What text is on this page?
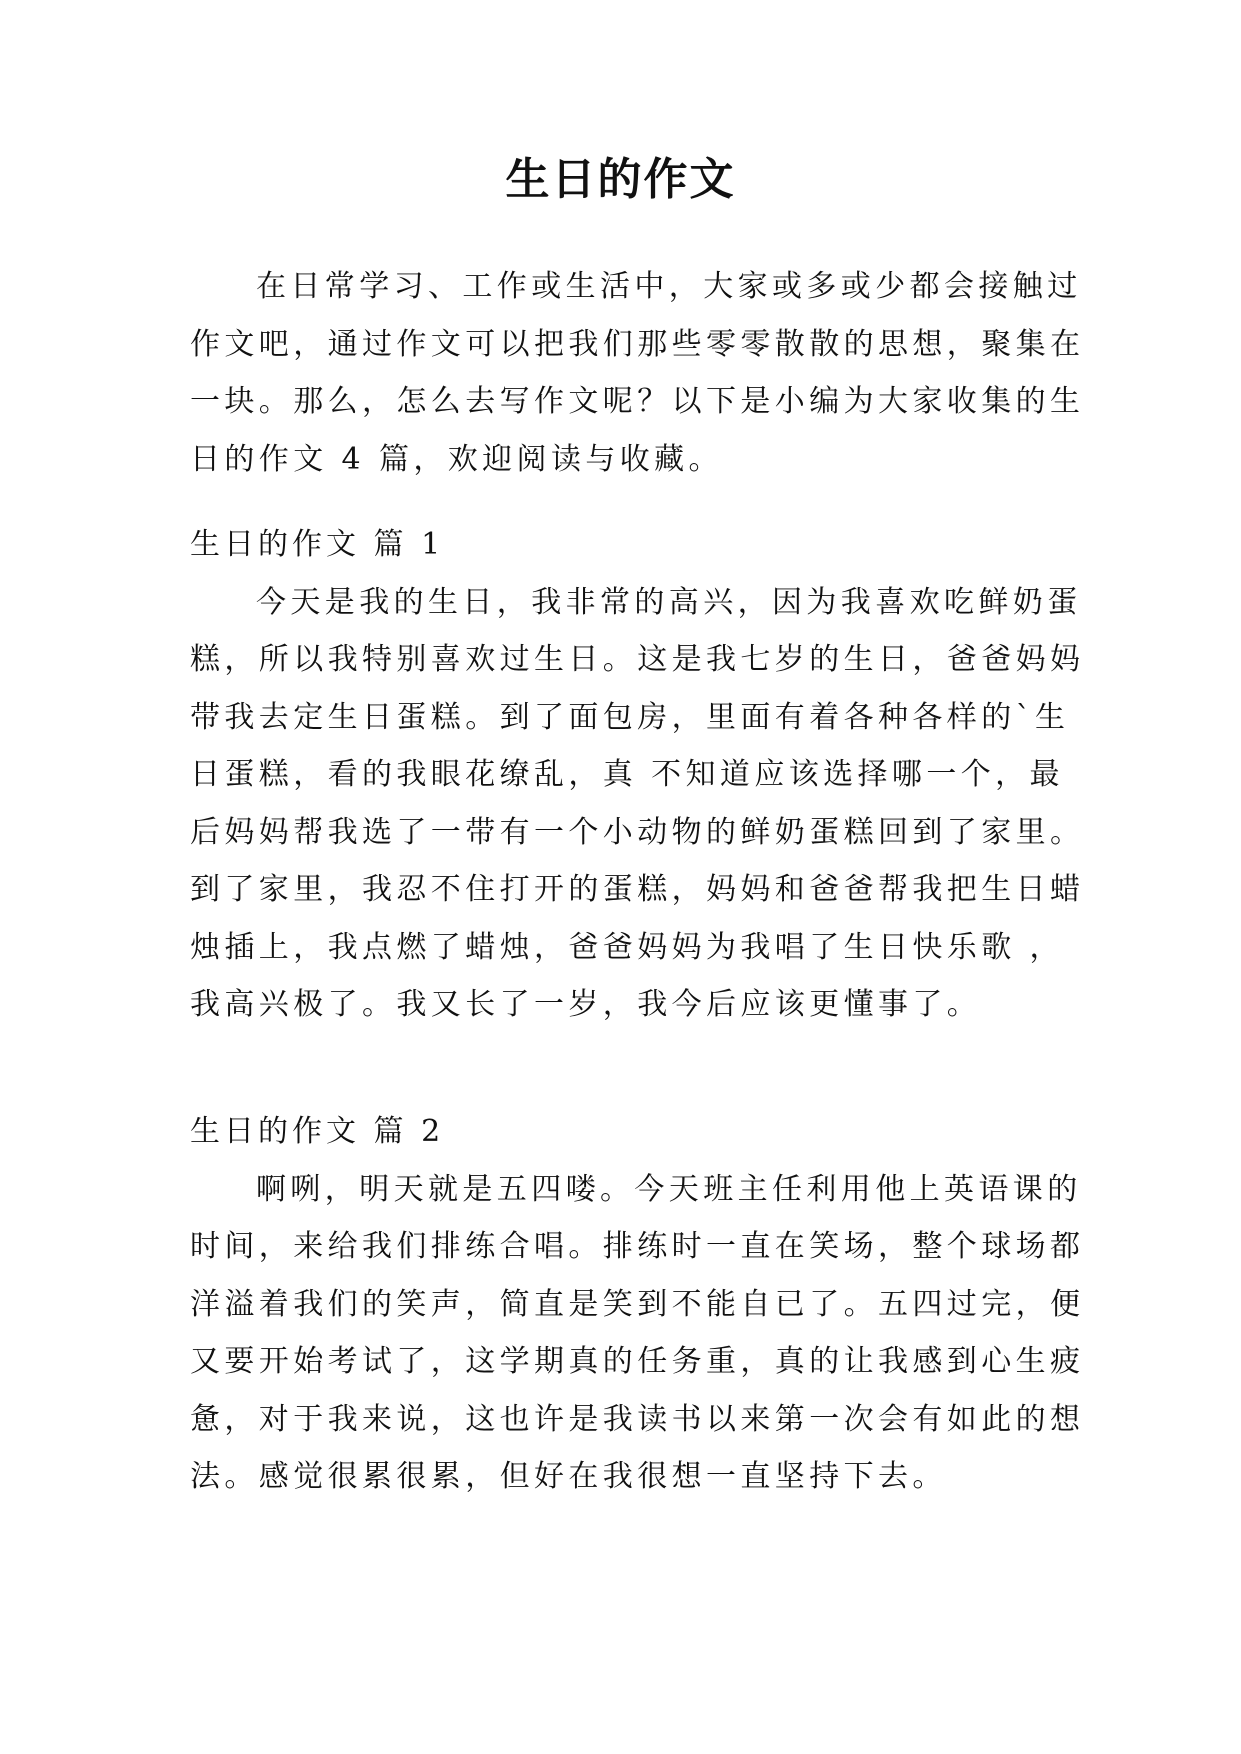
生日的作文

在日常学习、工作或生活中，大家或多或少都会接触过
作文吧，通过作文可以把我们那些零零散散的思想，聚集在
一块。那么，怎么去写作文呢？以下是小编为大家收集的生
日的作文 4 篇，欢迎阅读与收藏。

生日的作文 篇 1

今天是我的生日，我非常的高兴，因为我喜欢吃鲜奶蛋
糕，所以我特别喜欢过生日。这是我七岁的生日，爸爸妈妈
带我去定生日蛋糕。到了面包房，里面有着各种各样的`生
日蛋糕，看的我眼花缭乱，真 不知道应该选择哪一个，最
后妈妈帮我选了一带有一个小动物的鲜奶蛋糕回到了家里。
到了家里，我忍不住打开的蛋糕，妈妈和爸爸帮我把生日蜡
烛插上，我点燃了蜡烛，爸爸妈妈为我唱了生日快乐歌 ，
我高兴极了。我又长了一岁，我今后应该更懂事了。

生日的作文 篇 2

啊咧，明天就是五四喽。今天班主任利用他上英语课的
时间，来给我们排练合唱。排练时一直在笑场，整个球场都
洋溢着我们的笑声，简直是笑到不能自已了。五四过完，便
又要开始考试了，这学期真的任务重，真的让我感到心生疲
惫，对于我来说，这也许是我读书以来第一次会有如此的想
法。感觉很累很累，但好在我很想一直坚持下去。
